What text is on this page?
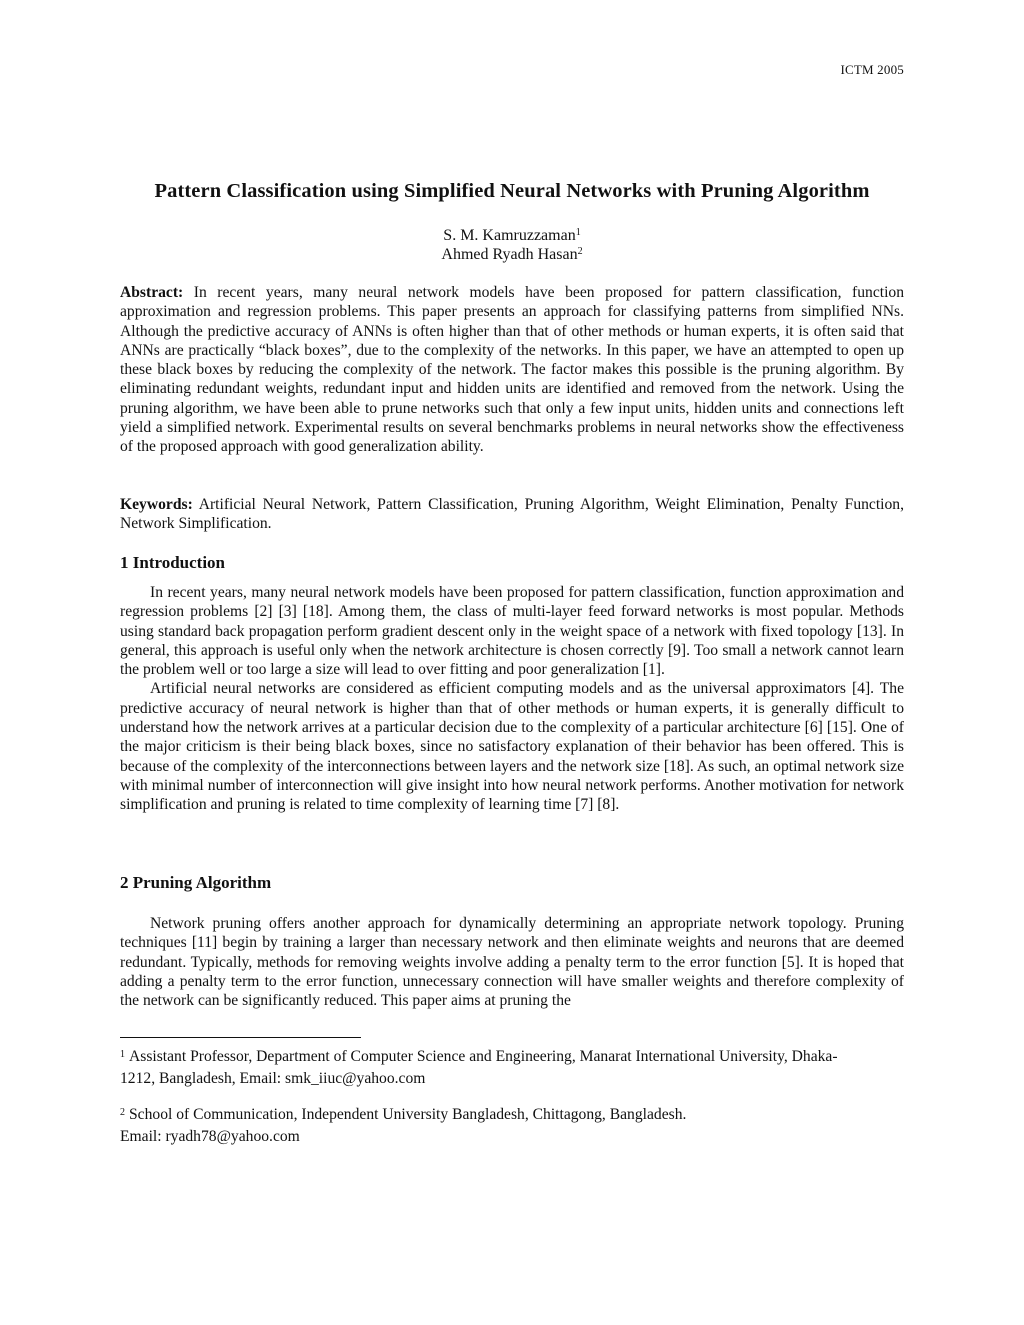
ICTM 2005
Pattern Classification using Simplified Neural Networks with Pruning Algorithm
S. M. Kamruzzaman$^1$
Ahmed Ryadh Hasan$^2$

Abstract: In recent years, many neural network models have been proposed for pattern classification, function approximation and regression problems. This paper presents an approach for classifying patterns from simplified NNs. Although the predictive accuracy of ANNs is often higher than that of other methods or human experts, it is often said that ANNs are practically “black boxes”, due to the complexity of the networks. In this paper, we have an attempted to open up these black boxes by reducing the complexity of the network. The factor makes this possible is the pruning algorithm. By eliminating redundant weights, redundant input and hidden units are identified and removed from the network. Using the pruning algorithm, we have been able to prune networks such that only a few input units, hidden units and connections left yield a simplified network. Experimental results on several benchmarks problems in neural networks show the effectiveness of the proposed approach with good generalization ability.

Keywords: Artificial Neural Network, Pattern Classification, Pruning Algorithm, Weight Elimination, Penalty Function, Network Simplification.

1 Introduction

In recent years, many neural network models have been proposed for pattern classification, function approximation and regression problems [2] [3] [18]. Among them, the class of multi-layer feed forward networks is most popular. Methods using standard back propagation perform gradient descent only in the weight space of a network with fixed topology [13]. In general, this approach is useful only when the network architecture is chosen correctly [9]. Too small a network cannot learn the problem well or too large a size will lead to over fitting and poor generalization [1].

Artificial neural networks are considered as efficient computing models and as the universal approximators [4]. The predictive accuracy of neural network is higher than that of other methods or human experts, it is generally difficult to understand how the network arrives at a particular decision due to the complexity of a particular architecture [6] [15]. One of the major criticism is their being black boxes, since no satisfactory explanation of their behavior has been offered. This is because of the complexity of the interconnections between layers and the network size [18]. As such, an optimal network size with minimal number of interconnection will give insight into how neural network performs. Another motivation for network simplification and pruning is related to time complexity of learning time [7] [8].

2 Pruning Algorithm

Network pruning offers another approach for dynamically determining an appropriate network topology. Pruning techniques [11] begin by training a larger than necessary network and then eliminate weights and neurons that are deemed redundant. Typically, methods for removing weights involve adding a penalty term to the error function [5]. It is hoped that adding a penalty term to the error function, unnecessary connection will have smaller weights and therefore complexity of the network can be significantly reduced. This paper aims at pruning the

$^1$ Assistant Professor, Department of Computer Science and Engineering, Manarat International University, Dhaka-
1212, Bangladesh, Email: smk_iiuc@yahoo.com
$^2$ School of Communication, Independent University Bangladesh, Chittagong, Bangladesh.
Email: ryadh78@yahoo.com
